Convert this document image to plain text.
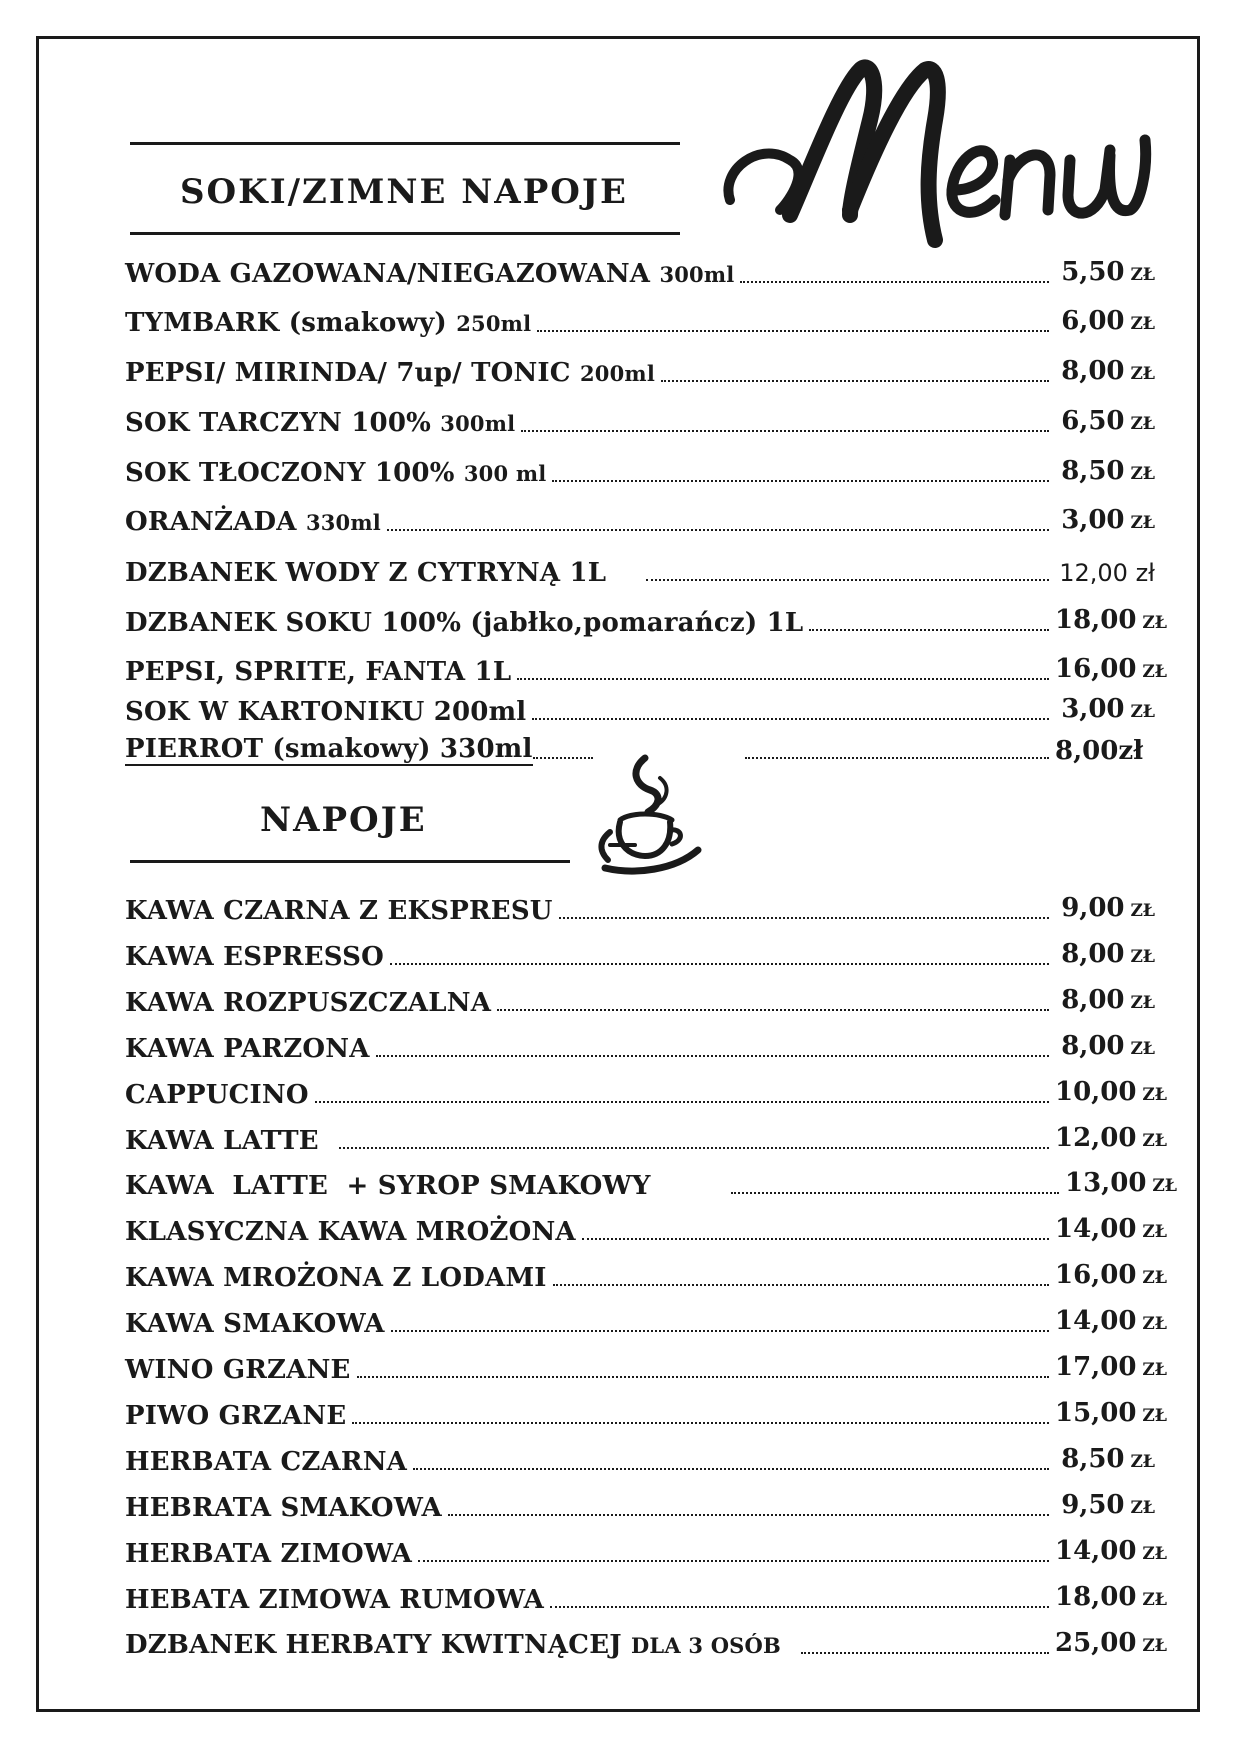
SOKI/ZIMNE NAPOJE
WODA GAZOWANA/NIEGAZOWANA 300ml	5,50 ZŁ
TYMBARK (smakowy) 250ml	6,00 ZŁ
PEPSI/ MIRINDA/ 7up/ TONIC 200ml	8,00 ZŁ
SOK TARCZYN 100% 300ml	6,50 ZŁ
SOK TŁOCZONY 100% 300 ml	8,50 ZŁ
ORANŻADA 330ml	3,00 ZŁ
DZBANEK WODY Z CYTRYNĄ 1L	12,00 zł
DZBANEK SOKU 100% (jabłko,pomarańcz) 1L	18,00 ZŁ
PEPSI, SPRITE, FANTA 1L	16,00 ZŁ
SOK W KARTONIKU 200ml	3,00 ZŁ
PIERROT (smakowy) 330ml	8,00zł
NAPOJE
KAWA CZARNA Z EKSPRESU	9,00 ZŁ
KAWA ESPRESSO	8,00 ZŁ
KAWA ROZPUSZCZALNA	8,00 ZŁ
KAWA PARZONA	8,00 ZŁ
CAPPUCINO	10,00 ZŁ
KAWA LATTE	12,00 ZŁ
KAWA  LATTE  + SYROP SMAKOWY	13,00 ZŁ
KLASYCZNA KAWA MROŻONA	14,00 ZŁ
KAWA MROŻONA Z LODAMI	16,00 ZŁ
KAWA SMAKOWA	14,00 ZŁ
WINO GRZANE	17,00 ZŁ
PIWO GRZANE	15,00 ZŁ
HERBATA CZARNA	8,50 ZŁ
HEBRATA SMAKOWA	9,50 ZŁ
HERBATA ZIMOWA	14,00 ZŁ
HEBATA ZIMOWA RUMOWA	18,00 ZŁ
DZBANEK HERBATY KWITNĄCEJ DLA 3 OSÓB	25,00 ZŁ
